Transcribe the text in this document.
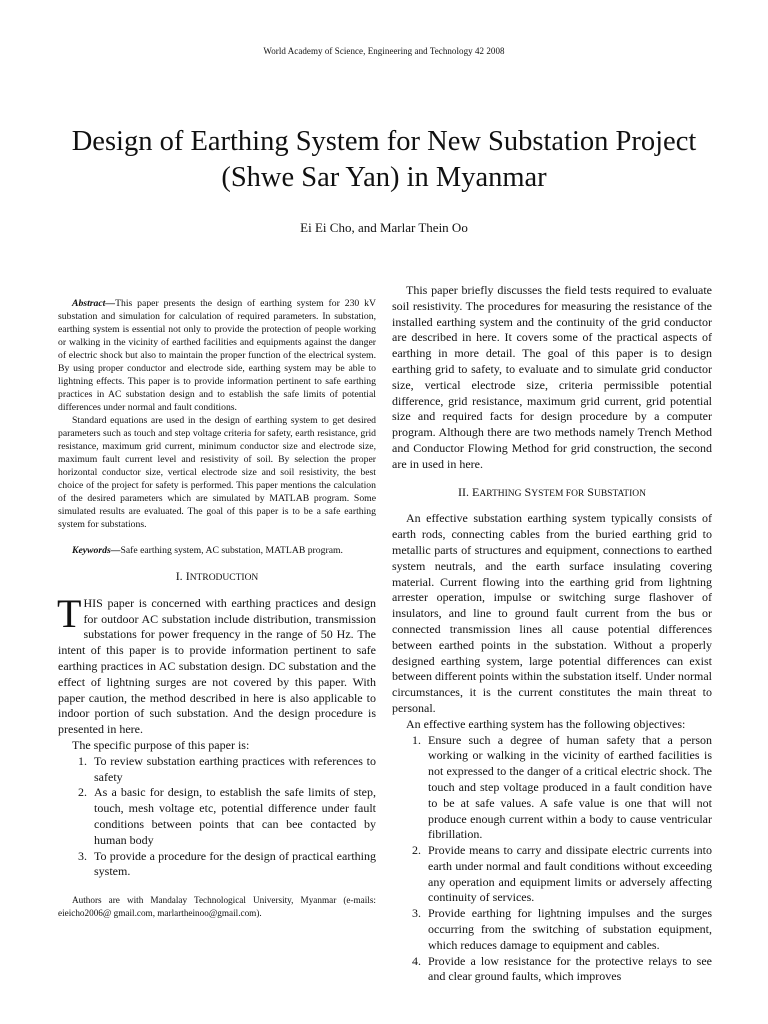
World Academy of Science, Engineering and Technology 42 2008
Design of Earthing System for New Substation Project (Shwe Sar Yan) in Myanmar
Ei Ei Cho, and Marlar Thein Oo

Abstract—This paper presents the design of earthing system for 230 kV substation and simulation for calculation of required parameters. In substation, earthing system is essential not only to provide the protection of people working or walking in the vicinity of earthed facilities and equipments against the danger of electric shock but also to maintain the proper function of the electrical system. By using proper conductor and electrode side, earthing system may be able to lightning effects. This paper is to provide information pertinent to safe earthing practices in AC substation design and to establish the safe limits of potential differences under normal and fault conditions.

Standard equations are used in the design of earthing system to get desired parameters such as touch and step voltage criteria for safety, earth resistance, grid resistance, maximum grid current, minimum conductor size and electrode size, maximum fault current level and resistivity of soil. By selection the proper horizontal conductor size, vertical electrode size and soil resistivity, the best choice of the project for safety is performed. This paper mentions the calculation of the desired parameters which are simulated by MATLAB program. Some simulated results are evaluated. The goal of this paper is to be a safe earthing system for substations.

Keywords—Safe earthing system, AC substation, MATLAB program.

I. INTRODUCTION

THIS paper is concerned with earthing practices and design for outdoor AC substation include distribution, transmission substations for power frequency in the range of 50 Hz. The intent of this paper is to provide information pertinent to safe earthing practices in AC substation design. DC substation and the effect of lightning surges are not covered by this paper. With paper caution, the method described in here is also applicable to indoor portion of such substation. And the design procedure is presented in here.

The specific purpose of this paper is:

1. To review substation earthing practices with references to safety
2. As a basic for design, to establish the safe limits of step, touch, mesh voltage etc, potential difference under fault conditions between points that can bee contacted by human body
3. To provide a procedure for the design of practical earthing system.

Authors are with Mandalay Technological University, Myanmar (e-mails: eieicho2006@ gmail.com, marlartheinoo@gmail.com).

This paper briefly discusses the field tests required to evaluate soil resistivity. The procedures for measuring the resistance of the installed earthing system and the continuity of the grid conductor are described in here. It covers some of the practical aspects of earthing in more detail. The goal of this paper is to design earthing grid to safety, to evaluate and to simulate grid conductor size, vertical electrode size, criteria permissible potential difference, grid resistance, maximum grid current, grid potential size and required facts for design procedure by a computer program. Although there are two methods namely Trench Method and Conductor Flowing Method for grid construction, the second are in used in here.

II. EARTHING SYSTEM FOR SUBSTATION

An effective substation earthing system typically consists of earth rods, connecting cables from the buried earthing grid to metallic parts of structures and equipment, connections to earthed system neutrals, and the earth surface insulating covering material. Current flowing into the earthing grid from lightning arrester operation, impulse or switching surge flashover of insulators, and line to ground fault current from the bus or connected transmission lines all cause potential differences between earthed points in the substation. Without a properly designed earthing system, large potential differences can exist between different points within the substation itself. Under normal circumstances, it is the current constitutes the main threat to personal.

An effective earthing system has the following objectives:

1. Ensure such a degree of human safety that a person working or walking in the vicinity of earthed facilities is not expressed to the danger of a critical electric shock. The touch and step voltage produced in a fault condition have to be at safe values. A safe value is one that will not produce enough current within a body to cause ventricular fibrillation.
2. Provide means to carry and dissipate electric currents into earth under normal and fault conditions without exceeding any operation and equipment limits or adversely affecting continuity of services.
3. Provide earthing for lightning impulses and the surges occurring from the switching of substation equipment, which reduces damage to equipment and cables.
4. Provide a low resistance for the protective relays to see and clear ground faults, which improves
